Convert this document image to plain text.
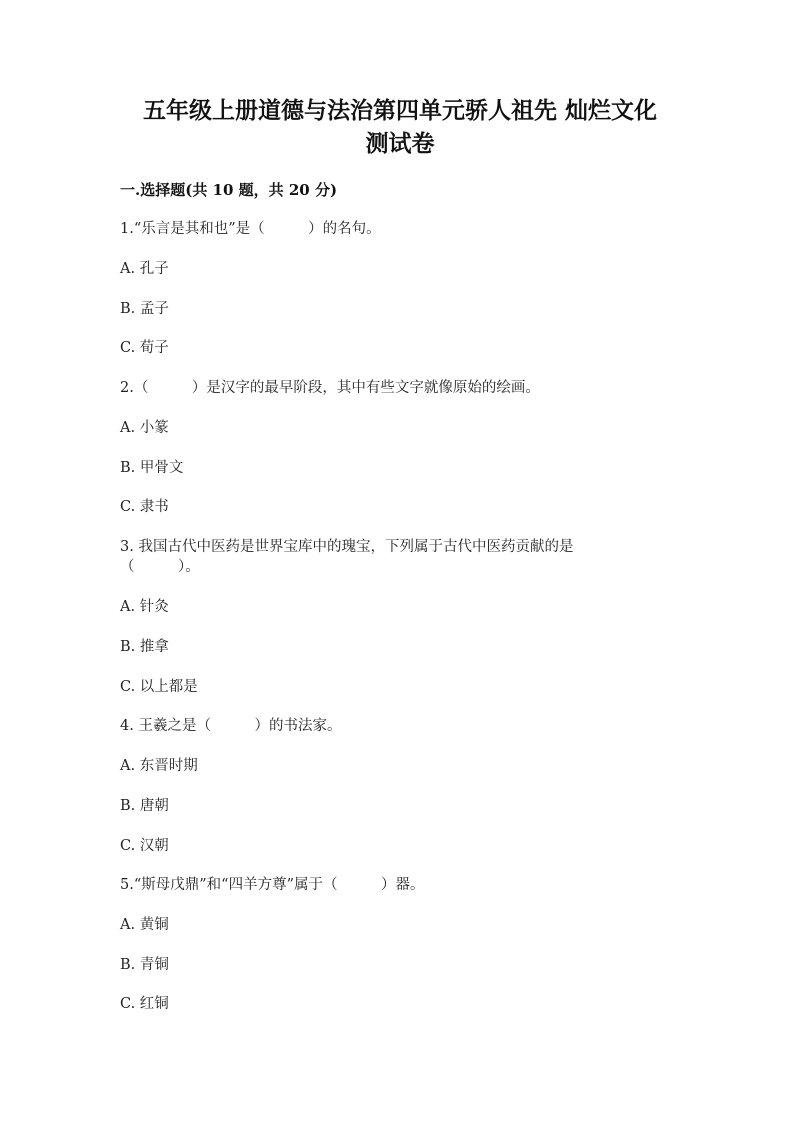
五年级上册道德与法治第四单元骄人祖先 灿烂文化
测试卷
一.选择题(共 10 题，共 20 分)
1.“乐言是其和也”是（　　　）的名句。
A. 孔子
B. 孟子
C. 荀子
2.（　　　）是汉字的最早阶段，其中有些文字就像原始的绘画。
A. 小篆
B. 甲骨文
C. 隶书
3. 我国古代中医药是世界宝库中的瑰宝，下列属于古代中医药贡献的是
（　　　）。
A. 针灸
B. 推拿
C. 以上都是
4. 王羲之是（　　　）的书法家。
A. 东晋时期
B. 唐朝
C. 汉朝
5.“斯母戊鼎”和“四羊方尊”属于（　　　）器。
A. 黄铜
B. 青铜
C. 红铜
